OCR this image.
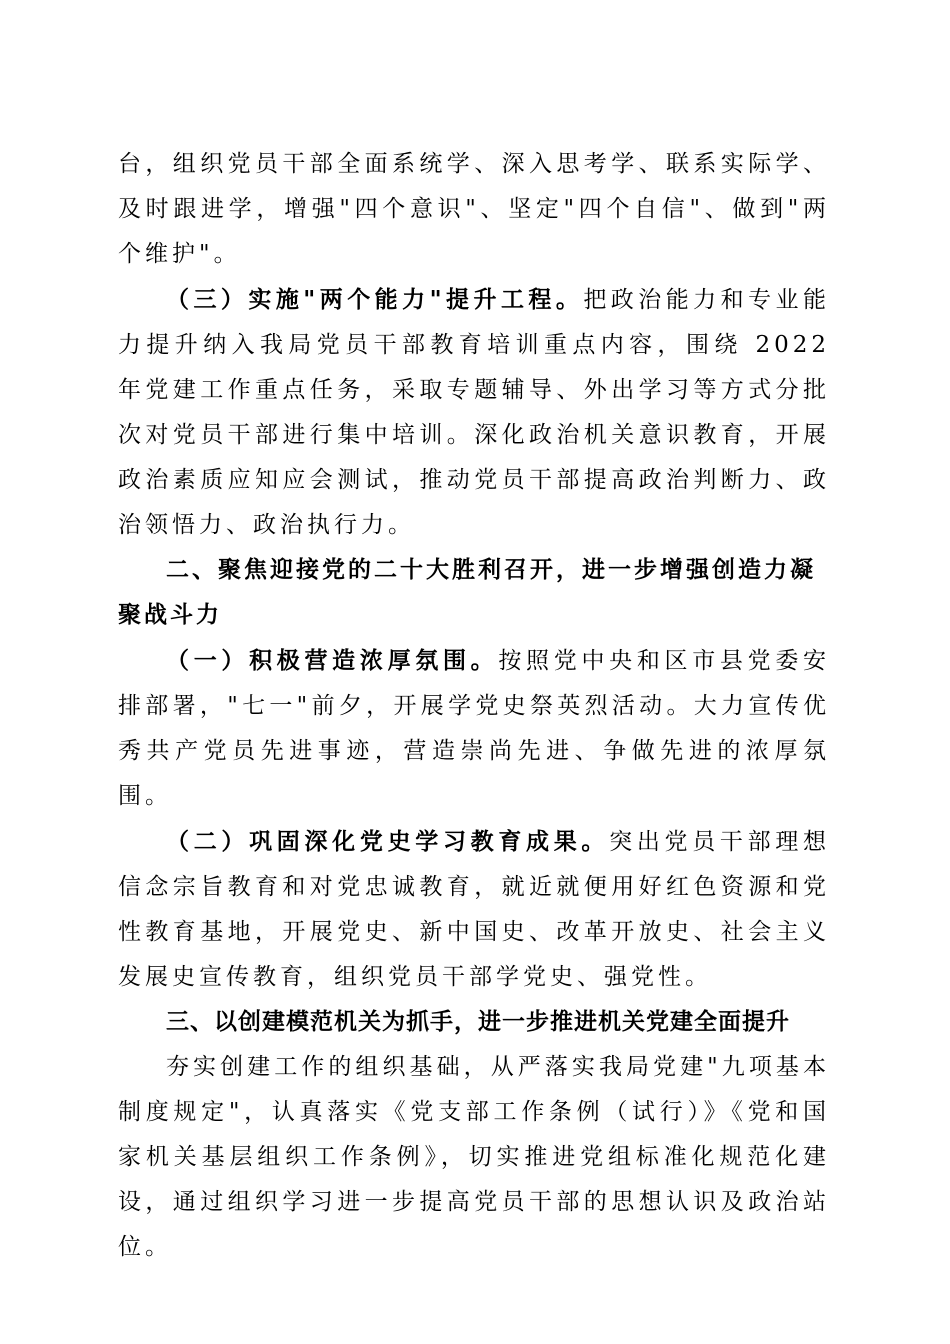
台，组织党员干部全面系统学、深入思考学、联系实际学、及时跟进学，增强"四个意识"、坚定"四个自信"、做到"两个维护"。

（三）实施"两个能力"提升工程。把政治能力和专业能力提升纳入我局党员干部教育培训重点内容，围绕 2022 年党建工作重点任务，采取专题辅导、外出学习等方式分批次对党员干部进行集中培训。深化政治机关意识教育，开展政治素质应知应会测试，推动党员干部提高政治判断力、政治领悟力、政治执行力。

二、聚焦迎接党的二十大胜利召开，进一步增强创造力凝聚战斗力

（一）积极营造浓厚氛围。按照党中央和区市县党委安排部署，"七一"前夕，开展学党史祭英烈活动。大力宣传优秀共产党员先进事迹，营造崇尚先进、争做先进的浓厚氛围。

（二）巩固深化党史学习教育成果。突出党员干部理想信念宗旨教育和对党忠诚教育，就近就便用好红色资源和党性教育基地，开展党史、新中国史、改革开放史、社会主义发展史宣传教育，组织党员干部学党史、强党性。

三、以创建模范机关为抓手，进一步推进机关党建全面提升

夯实创建工作的组织基础，从严落实我局党建"九项基本制度规定"，认真落实《党支部工作条例（试行）》《党和国家机关基层组织工作条例》，切实推进党组标准化规范化建设，通过组织学习进一步提高党员干部的思想认识及政治站位。
